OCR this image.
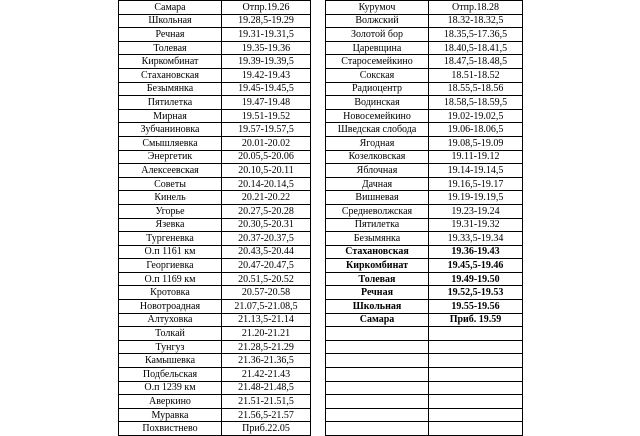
Самара	Отпр.19.26
Школьная	19.28,5-19.29
Речная	19.31-19.31,5
Толевая	19.35-19.36
Киркомбинат	19.39-19.39,5
Стахановская	19.42-19.43
Безымянка	19.45-19.45,5
Пятилетка	19.47-19.48
Мирная	19.51-19.52
Зубчаниновка	19.57-19.57,5
Смышляевка	20.01-20.02
Энергетик	20.05,5-20.06
Алексеевская	20.10,5-20.11
Советы	20.14-20.14,5
Кинель	20.21-20.22
Угорье	20.27,5-20.28
Язевка	20.30,5-20.31
Тургеневка	20.37-20.37,5
О.п 1161 км	20.43,5-20.44
Георгиевка	20.47-20.47,5
О.п 1169 км	20.51,5-20.52
Кротовка	20.57-20.58
Новотроадная	21.07,5-21.08,5
Алтуховка	21.13,5-21.14
Толкай	21.20-21.21
Тунгуз	21.28,5-21.29
Камышевка	21.36-21.36,5
Подбельская	21.42-21.43
О.п 1239 км	21.48-21.48,5
Аверкино	21.51-21.51,5
Муравка	21.56,5-21.57
Похвистнево	Приб.22.05
Курумоч	Отпр.18.28
Волжский	18.32-18.32,5
Золотой бор	18.35,5-17.36,5
Царевщина	18.40,5-18.41,5
Старосемейкино	18.47,5-18.48,5
Сокская	18.51-18.52
Радиоцентр	18.55,5-18.56
Водинская	18.58,5-18.59,5
Новосемейкино	19.02-19.02,5
Шведская слобода	19.06-18.06,5
Ягодная	19.08,5-19.09
Козелковская	19.11-19.12
Яблочная	19.14-19.14,5
Дачная	19.16,5-19.17
Вишневая	19.19-19.19,5
Средневолжская	19.23-19.24
Пятилетка	19.31-19.32
Безымянка	19.33,5-19.34
Стахановская	19.36-19.43
Киркомбинат	19.45,5-19.46
Толевая	19.49-19.50
Речная	19.52,5-19.53
Школьная	19.55-19.56
Самара	Приб. 19.59
